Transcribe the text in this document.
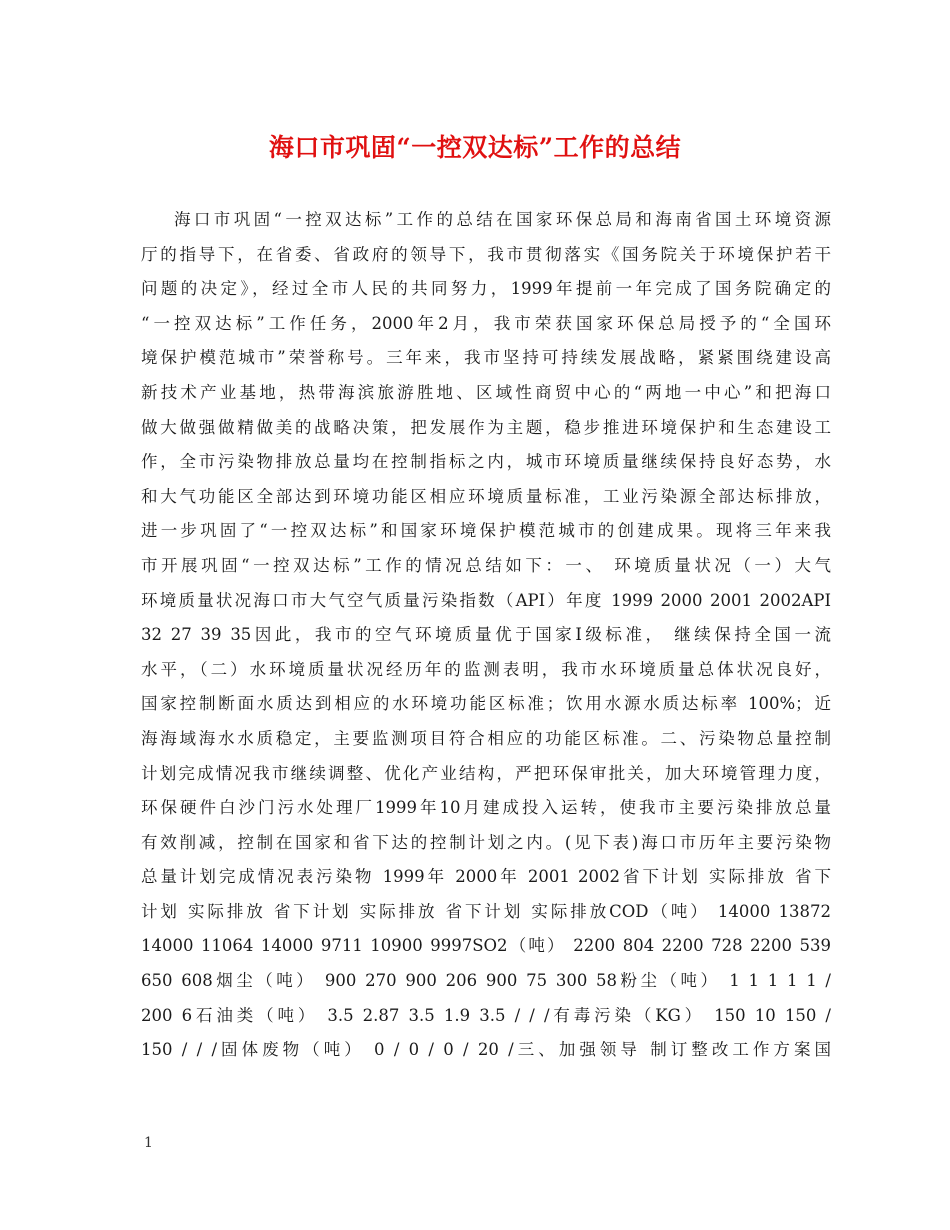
海口市巩固“一控双达标”工作的总结
海口市巩固“一控双达标”工作的总结在国家环保总局和海南省国土环境资源
厅的指导下，在省委、省政府的领导下，我市贯彻落实《国务院关于环境保护若干
问题的决定》，经过全市人民的共同努力，1999年提前一年完成了国务院确定的
“一控双达标”工作任务，2000年2月，我市荣获国家环保总局授予的“全国环
境保护模范城市”荣誉称号。三年来，我市坚持可持续发展战略，紧紧围绕建设高
新技术产业基地，热带海滨旅游胜地、区域性商贸中心的“两地一中心”和把海口
做大做强做精做美的战略决策，把发展作为主题，稳步推进环境保护和生态建设工
作，全市污染物排放总量均在控制指标之内，城市环境质量继续保持良好态势，水
和大气功能区全部达到环境功能区相应环境质量标准，工业污染源全部达标排放，
进一步巩固了“一控双达标”和国家环境保护模范城市的创建成果。现将三年来我
市开展巩固“一控双达标”工作的情况总结如下：一、 环境质量状况（一）大气
环境质量状况海口市大气空气质量污染指数（API）年度 1999 2000 2001 2002API
32 27 39 35因此，我市的空气环境质量优于国家Ⅰ级标准， 继续保持全国一流
水平，（二）水环境质量状况经历年的监测表明，我市水环境质量总体状况良好，
国家控制断面水质达到相应的水环境功能区标准；饮用水源水质达标率 100%；近
海海域海水水质稳定，主要监测项目符合相应的功能区标准。二、污染物总量控制
计划完成情况我市继续调整、优化产业结构，严把环保审批关，加大环境管理力度，
环保硬件白沙门污水处理厂1999年10月建成投入运转，使我市主要污染排放总量
有效削减，控制在国家和省下达的控制计划之内。(见下表)海口市历年主要污染物
总量计划完成情况表污染物 1999年 2000年 2001 2002省下计划 实际排放 省下
计划 实际排放 省下计划 实际排放 省下计划 实际排放COD（吨） 14000 13872
14000 11064 14000 9711 10900 9997SO2（吨） 2200 804 2200 728 2200 539
650 608烟尘（吨） 900 270 900 206 900 75 300 58粉尘（吨） 1 1 1 1 1 /
200 6石油类（吨） 3.5 2.87 3.5 1.9 3.5 / / /有毒污染（KG） 150 10 150 /
150 / / /固体废物（吨） 0 / 0 / 0 / 20 /三、加强领导 制订整改工作方案国
1
